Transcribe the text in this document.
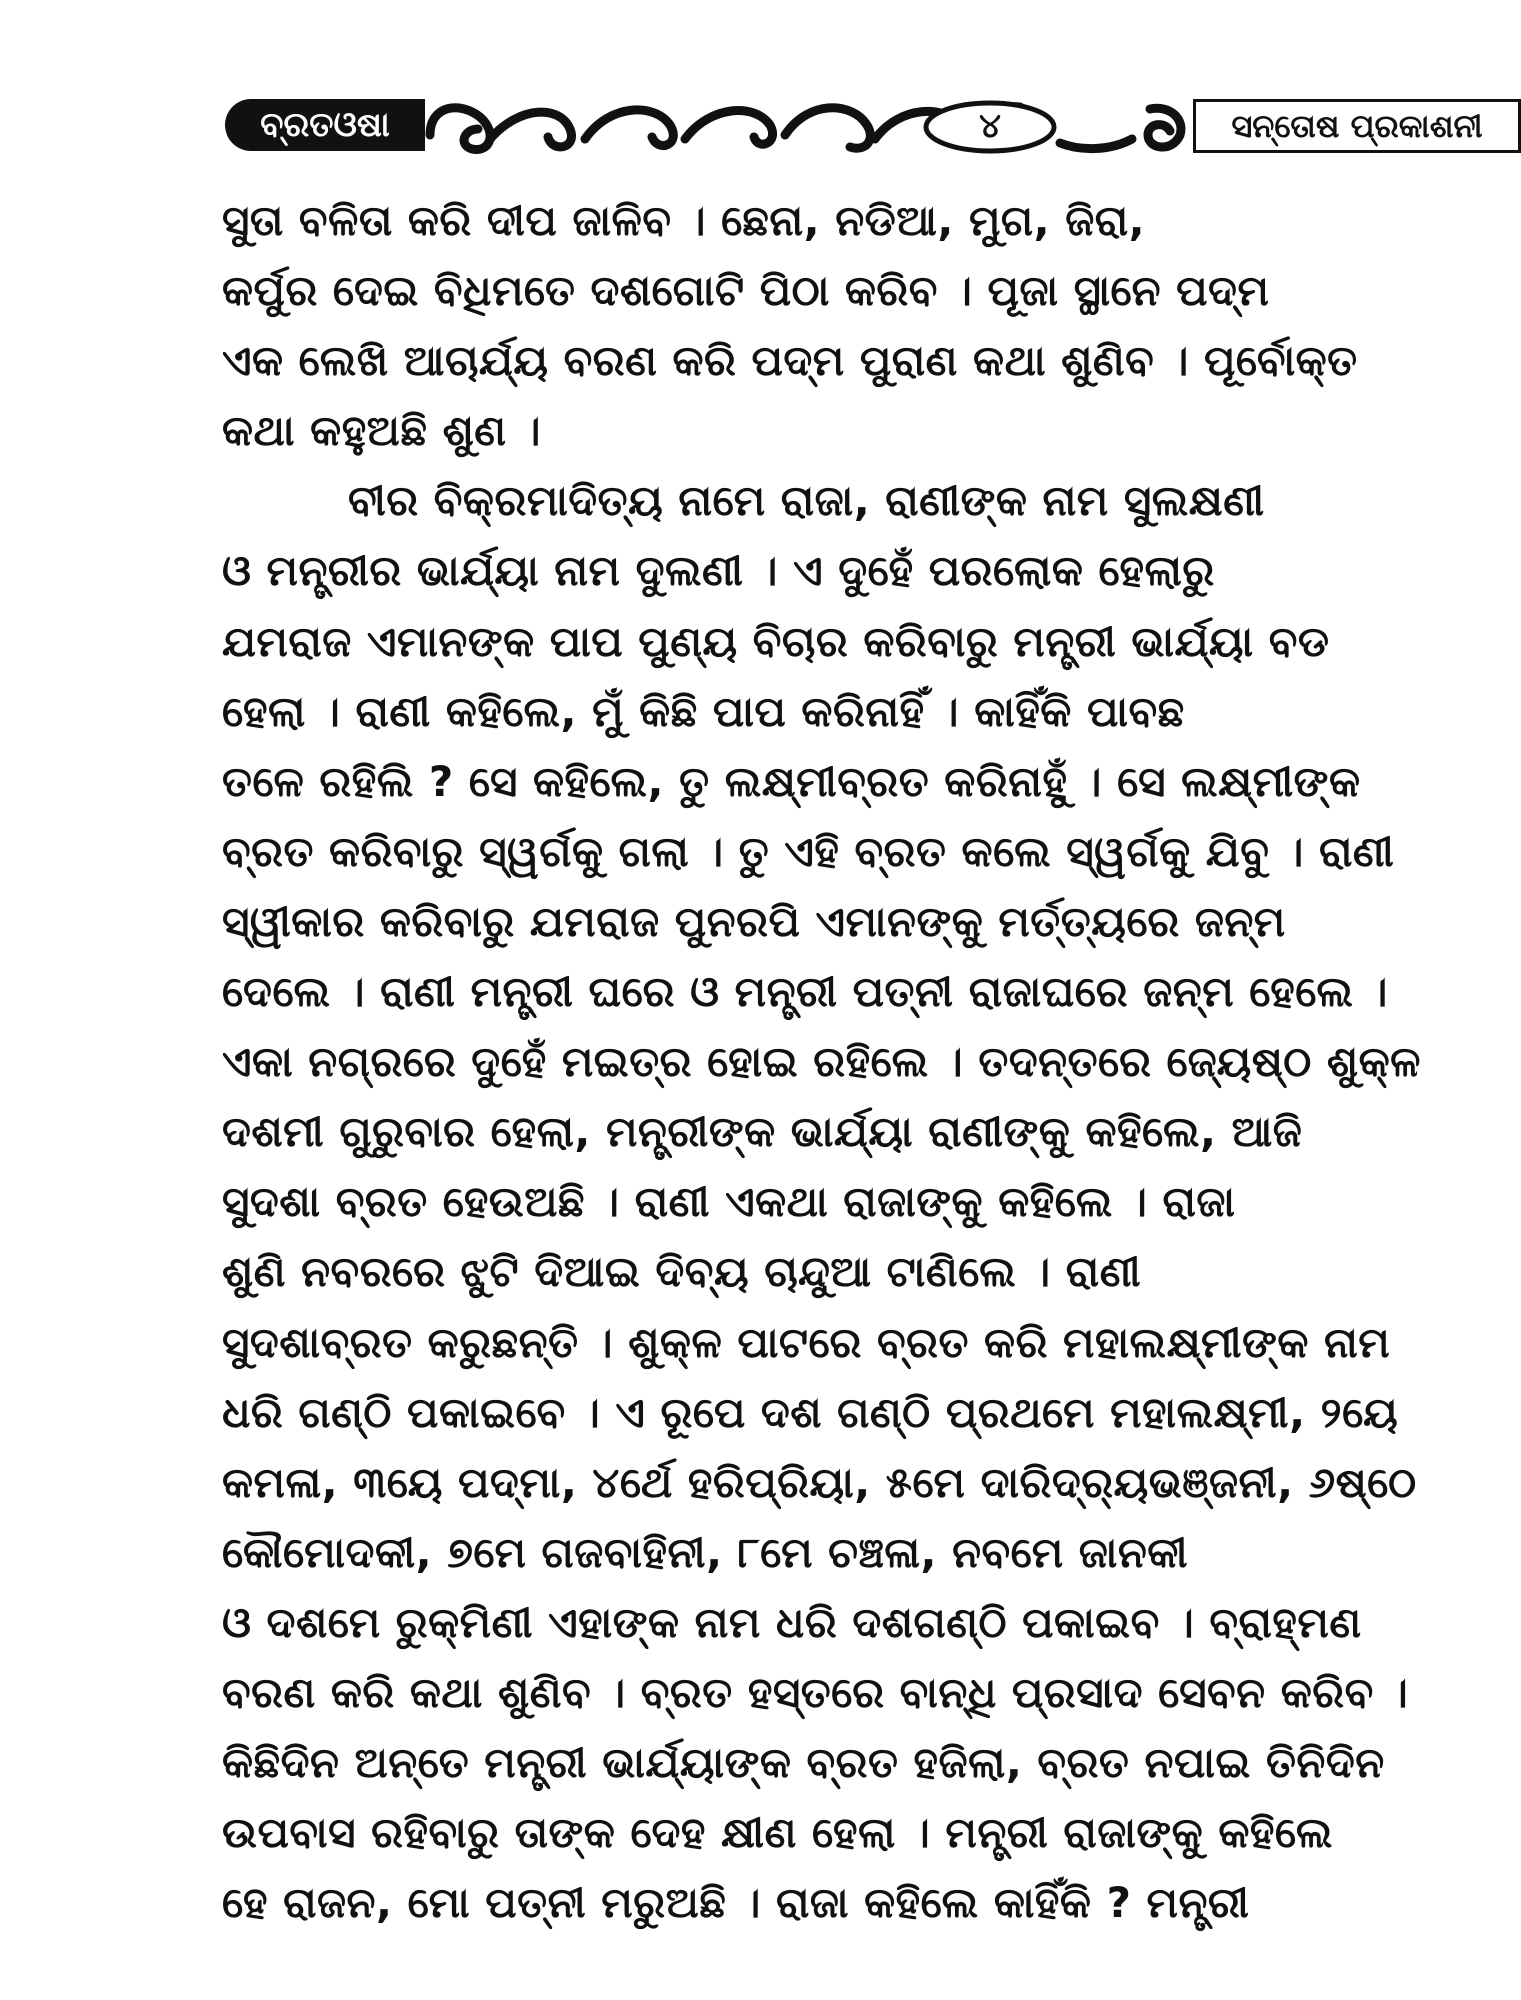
ବ୍ରତଓଷା	୪	ସନ୍ତୋଷ ପ୍ରକାଶନୀ
ସୁତା ବଳିତା କରି ଦୀପ ଜାଳିବ । ଛେନା, ନଡିଆ, ମୁଗ, ଜିରା,
କର୍ପୁର ଦେଇ ବିଧିମତେ ଦଶଗୋଟି ପିଠା କରିବ । ପୂଜା ସ୍ଥାନେ ପଦ୍ମ
ଏକ ଲେଖି ଆଚାର୍ଯ୍ୟ ବରଣ କରି ପଦ୍ମ ପୁରାଣ କଥା ଶୁଣିବ । ପୂର୍ବୋକ୍ତ
କଥା କହୁଅଛି ଶୁଣ ।
ବୀର ବିକ୍ରମାଦିତ୍ୟ ନାମେ ରାଜା, ରାଣୀଙ୍କ ନାମ ସୁଲକ୍ଷଣୀ
ଓ ମନ୍ତ୍ରୀର ଭାର୍ଯ୍ୟା ନାମ ଦୁଲଣୀ । ଏ ଦୁହେଁ ପରଲୋକ ହେଲାରୁ
ଯମରାଜ ଏମାନଙ୍କ ପାପ ପୁଣ୍ୟ ବିଚାର କରିବାରୁ ମନ୍ତ୍ରୀ ଭାର୍ଯ୍ୟା ବଡ
ହେଲା । ରାଣୀ କହିଲେ, ମୁଁ କିଛି ପାପ କରିନାହିଁ । କାହିଁକି ପାବଛ
ତଳେ ରହିଲି ? ସେ କହିଲେ, ତୁ ଲକ୍ଷ୍ମୀବ୍ରତ କରିନାହୁଁ । ସେ ଲକ୍ଷ୍ମୀଙ୍କ
ବ୍ରତ କରିବାରୁ ସ୍ୱର୍ଗକୁ ଗଲା । ତୁ ଏହି ବ୍ରତ କଲେ ସ୍ୱର୍ଗକୁ ଯିବୁ । ରାଣୀ
ସ୍ୱୀକାର କରିବାରୁ ଯମରାଜ ପୁନରପି ଏମାନଙ୍କୁ ମର୍ତ୍ତ୍ୟରେ ଜନ୍ମ
ଦେଲେ । ରାଣୀ ମନ୍ତ୍ରୀ ଘରେ ଓ ମନ୍ତ୍ରୀ ପତ୍ନୀ ରାଜାଘରେ ଜନ୍ମ ହେଲେ ।
ଏକା ନଗ୍ରରେ ଦୁହେଁ ମଇତ୍ର ହୋଇ ରହିଲେ । ତଦନ୍ତରେ ଜ୍ୟେଷ୍ଠ ଶୁକ୍ଳ
ଦଶମୀ ଗୁରୁବାର ହେଲା, ମନ୍ତ୍ରୀଙ୍କ ଭାର୍ଯ୍ୟା ରାଣୀଙ୍କୁ କହିଲେ, ଆଜି
ସୁଦଶା ବ୍ରତ ହେଉଅଛି । ରାଣୀ ଏକଥା ରାଜାଙ୍କୁ କହିଲେ । ରାଜା
ଶୁଣି ନବରରେ ଝୁଟି ଦିଆଇ ଦିବ୍ୟ ଚାନ୍ଦୁଆ ଟାଣିଲେ । ରାଣୀ
ସୁଦଶାବ୍ରତ କରୁଛନ୍ତି । ଶୁକ୍ଳ ପାଟରେ ବ୍ରତ କରି ମହାଲକ୍ଷ୍ମୀଙ୍କ ନାମ
ଧରି ଗଣ୍ଠି ପକାଇବେ । ଏ ରୂପେ ଦଶ ଗଣ୍ଠି ପ୍ରଥମେ ମହାଲକ୍ଷ୍ମୀ, ୨ୟେ
କମଳା, ୩ୟେ ପଦ୍ମା, ୪ର୍ଥେ ହରିପ୍ରିୟା, ୫ମେ ଦାରିଦ୍ର୍ୟଭଞ୍ଜନୀ, ୬ଷ୍ଠେ
କୌମୋଦକୀ, ୭ମେ ଗଜବାହିନୀ, ୮ମେ ଚଞ୍ଚଳା, ନବମେ ଜାନକୀ
ଓ ଦଶମେ ରୁକ୍ମିଣୀ ଏହାଙ୍କ ନାମ ଧରି ଦଶଗଣ୍ଠି ପକାଇବ । ବ୍ରାହ୍ମଣ
ବରଣ କରି କଥା ଶୁଣିବ । ବ୍ରତ ହସ୍ତରେ ବାନ୍ଧି ପ୍ରସାଦ ସେବନ କରିବ ।
କିଛିଦିନ ଅନ୍ତେ ମନ୍ତ୍ରୀ ଭାର୍ଯ୍ୟାଙ୍କ ବ୍ରତ ହଜିଲା, ବ୍ରତ ନପାଇ ତିନିଦିନ
ଉପବାସ ରହିବାରୁ ତାଙ୍କ ଦେହ କ୍ଷୀଣ ହେଲା । ମନ୍ତ୍ରୀ ରାଜାଙ୍କୁ କହିଲେ
ହେ ରାଜନ, ମୋ ପତ୍ନୀ ମରୁଅଛି । ରାଜା କହିଲେ କାହିଁକି ? ମନ୍ତ୍ରୀ
